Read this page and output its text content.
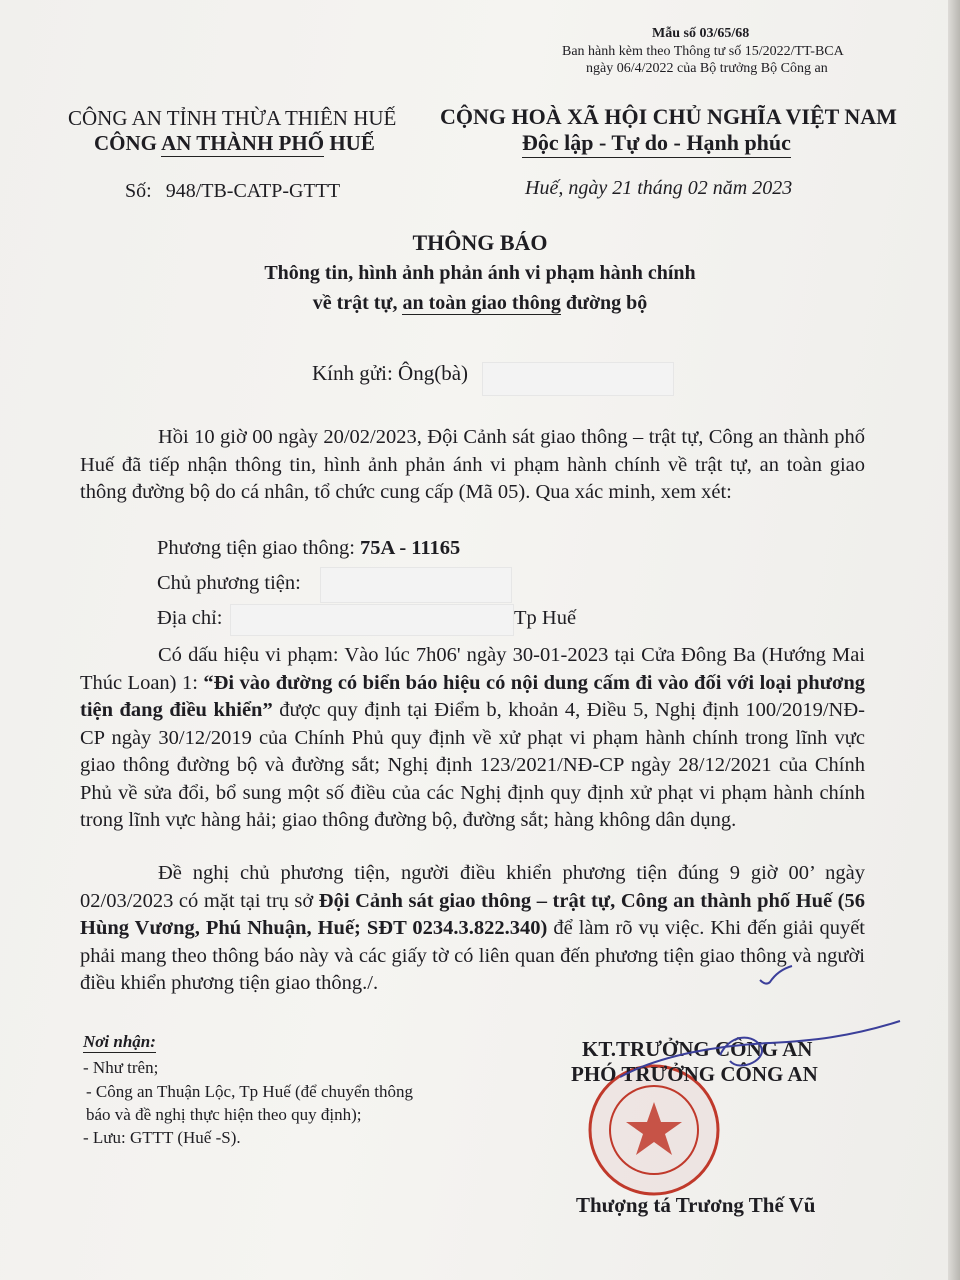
Mẫu số 03/65/68
Ban hành kèm theo Thông tư số 15/2022/TT-BCA
ngày 06/4/2022 của Bộ trưởng Bộ Công an
CÔNG AN TỈNH THỪA THIÊN HUẾ
CÔNG AN THÀNH PHỐ HUẾ
CỘNG HOÀ XÃ HỘI CHỦ NGHĨA VIỆT NAM
Độc lập - Tự do - Hạnh phúc
Số: 948/TB-CATP-GTTT	Huế, ngày 21 tháng 02 năm 2023
THÔNG BÁO
Thông tin, hình ảnh phản ánh vi phạm hành chính
về trật tự, an toàn giao thông đường bộ
Kính gửi: Ông(bà)
Hồi 10 giờ 00 ngày 20/02/2023, Đội Cảnh sát giao thông – trật tự, Công an thành phố Huế đã tiếp nhận thông tin, hình ảnh phản ánh vi phạm hành chính về trật tự, an toàn giao thông đường bộ do cá nhân, tổ chức cung cấp (Mã 05). Qua xác minh, xem xét:
Phương tiện giao thông: 75A - 11165
Chủ phương tiện:
Địa chỉ:	Tp Huế
Có dấu hiệu vi phạm: Vào lúc 7h06' ngày 30-01-2023 tại Cửa Đông Ba (Hướng Mai Thúc Loan) 1: “Đi vào đường có biển báo hiệu có nội dung cấm đi vào đối với loại phương tiện đang điều khiển” được quy định tại Điểm b, khoản 4, Điều 5, Nghị định 100/2019/NĐ-CP ngày 30/12/2019 của Chính Phủ quy định về xử phạt vi phạm hành chính trong lĩnh vực giao thông đường bộ và đường sắt; Nghị định 123/2021/NĐ-CP ngày 28/12/2021 của Chính Phủ về sửa đổi, bổ sung một số điều của các Nghị định quy định xử phạt vi phạm hành chính trong lĩnh vực hàng hải; giao thông đường bộ, đường sắt; hàng không dân dụng.
Đề nghị chủ phương tiện, người điều khiển phương tiện đúng 9 giờ 00’ ngày 02/03/2023 có mặt tại trụ sở Đội Cảnh sát giao thông – trật tự, Công an thành phố Huế (56 Hùng Vương, Phú Nhuận, Huế; SĐT 0234.3.822.340) để làm rõ vụ việc. Khi đến giải quyết phải mang theo thông báo này và các giấy tờ có liên quan đến phương tiện giao thông và người điều khiển phương tiện giao thông./.
Nơi nhận:
- Như trên;
- Công an Thuận Lộc, Tp Huế (để chuyển thông
báo và đề nghị thực hiện theo quy định);
- Lưu: GTTT (Huế -S).
KT.TRƯỞNG CÔNG AN
PHÓ TRƯỞNG CÔNG AN
Thượng tá Trương Thế Vũ
